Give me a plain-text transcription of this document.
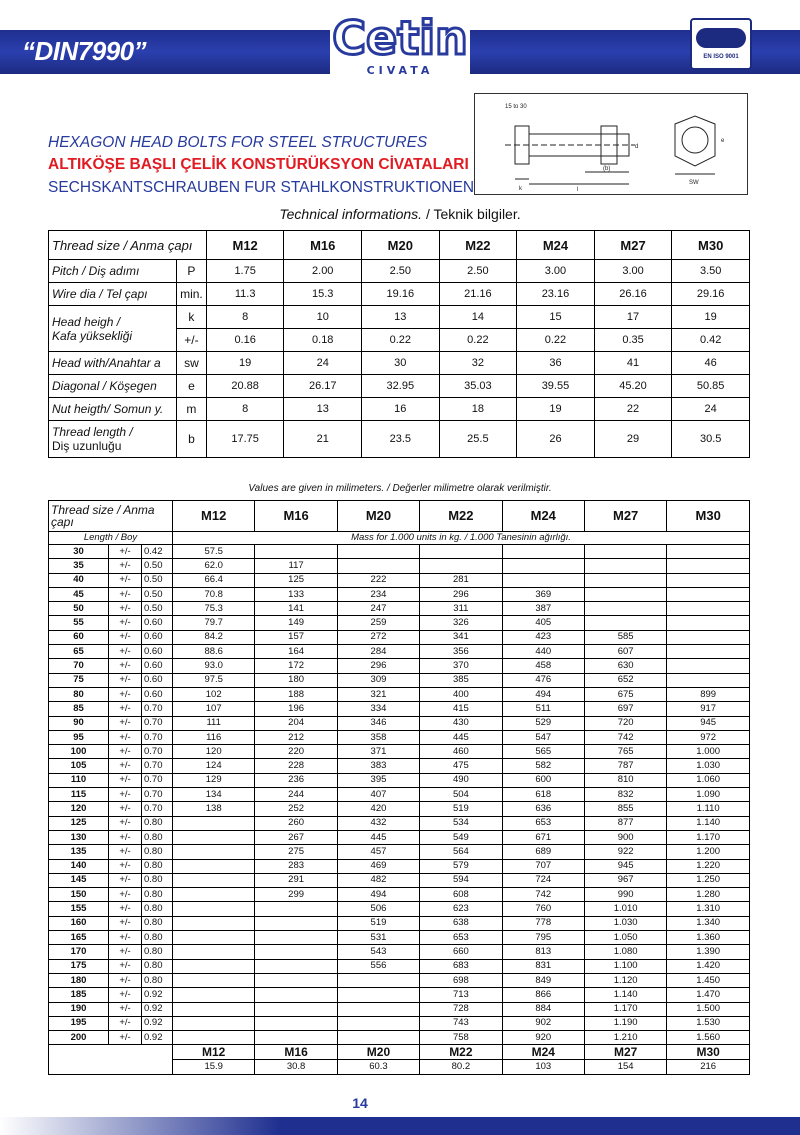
“DIN7990”	Cetin
CIVATA
EN ISO 9001
15 to 30
k	l
(b)
d
e
SW
HEXAGON HEAD BOLTS FOR STEEL STRUCTURES
ALTIKÖŞE BAŞLI ÇELİK KONSTÜRÜKSYON CİVATALARI
SECHSKANTSCHRAUBEN FUR STAHLKONSTRUKTIONEN
Technical informations. / Teknik bilgiler.
Thread size / Anma çapı		M12	M16	M20	M22	M24	M27	M30
Pitch / Diş adımı	P	1.75	2.00	2.50	2.50	3.00	3.00	3.50
Wire dia / Tel çapı	min.	11.3	15.3	19.16	21.16	23.16	26.16	29.16

Head heigh /
Kafa yüksekliği	k	8	10	13	14	15	17	19
	+/-	0.16	0.18	0.22	0.22	0.22	0.35	0.42
Head with/Anahtar a	sw	19	24	30	32	36	41	46
Diagonal / Köşegen	e	20.88	26.17	32.95	35.03	39.55	45.20	50.85
Nut heigth/ Somun y.	m	8	13	16	18	19	22	24

Thread length /
Diş uzunluğu	b	17.75	21	23.5	25.5	26	29	30.5
Values are given in milimeters. / Değerler milimetre olarak verilmiştir.
Thread size / Anma çapı			M12	M16	M20	M22	M24	M27	M30
Length / Boy			Mass for 1.000 units in kg. / 1.000 Tanesinin ağırlığı.						
30	+/-	0.42	57.5						
35	+/-	0.50	62.0	117					
40	+/-	0.50	66.4	125	222	281			
45	+/-	0.50	70.8	133	234	296	369		
50	+/-	0.50	75.3	141	247	311	387		
55	+/-	0.60	79.7	149	259	326	405		
60	+/-	0.60	84.2	157	272	341	423	585	
65	+/-	0.60	88.6	164	284	356	440	607	
70	+/-	0.60	93.0	172	296	370	458	630	
75	+/-	0.60	97.5	180	309	385	476	652	
80	+/-	0.60	102	188	321	400	494	675	899
85	+/-	0.70	107	196	334	415	511	697	917
90	+/-	0.70	111	204	346	430	529	720	945
95	+/-	0.70	116	212	358	445	547	742	972
100	+/-	0.70	120	220	371	460	565	765	1.000
105	+/-	0.70	124	228	383	475	582	787	1.030
110	+/-	0.70	129	236	395	490	600	810	1.060
115	+/-	0.70	134	244	407	504	618	832	1.090
120	+/-	0.70	138	252	420	519	636	855	1.110
125	+/-	0.80		260	432	534	653	877	1.140
130	+/-	0.80		267	445	549	671	900	1.170
135	+/-	0.80		275	457	564	689	922	1.200
140	+/-	0.80		283	469	579	707	945	1.220
145	+/-	0.80		291	482	594	724	967	1.250
150	+/-	0.80		299	494	608	742	990	1.280
155	+/-	0.80			506	623	760	1.010	1.310
160	+/-	0.80			519	638	778	1.030	1.340
165	+/-	0.80			531	653	795	1.050	1.360
170	+/-	0.80			543	660	813	1.080	1.390
175	+/-	0.80			556	683	831	1.100	1.420
180	+/-	0.80				698	849	1.120	1.450
185	+/-	0.92				713	866	1.140	1.470
190	+/-	0.92				728	884	1.170	1.500
195	+/-	0.92				743	902	1.190	1.530
200	+/-	0.92				758	920	1.210	1.560
			M12	M16	M20	M22	M24	M27	M30
			15.9	30.8	60.3	80.2	103	154	216
14
